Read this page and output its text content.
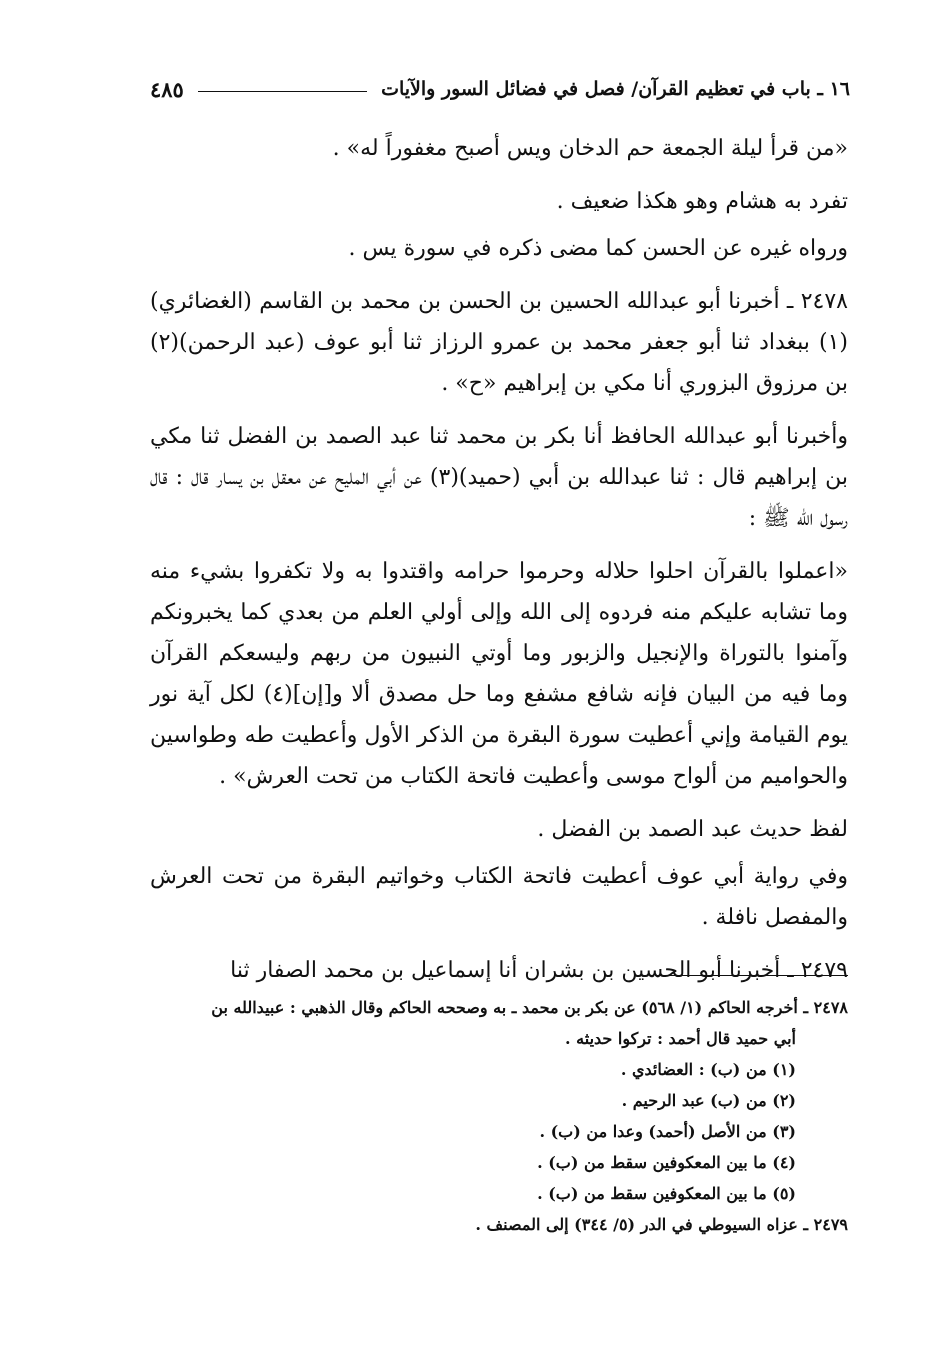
١٦ ـ باب في تعظيم القرآن/ فصل في فضائل السور والآيات
٤٨٥

«من قرأ ليلة الجمعة حم الدخان ويس أصبح مغفوراً له» .

تفرد به هشام وهو هكذا ضعيف .

ورواه غيره عن الحسن كما مضى ذكره في سورة يس .

٢٤٧٨ ـ أخبرنا أبو عبدالله الحسين بن الحسن بن محمد بن القاسم (الغضائري)(١) ببغداد ثنا أبو جعفر محمد بن عمرو الرزاز ثنا أبو عوف (عبد الرحمن)(٢) بن مرزوق البزوري أنا مكي بن إبراهيم «ح» .

وأخبرنا أبو عبدالله الحافظ أنا بكر بن محمد ثنا عبد الصمد بن الفضل ثنا مكي بن إبراهيم قال : ثنا عبدالله بن أبي (حميد)(٣) عن أبي المليح عن معقل بن يسار قال : قال رسول الله ﷺ :

«اعملوا بالقرآن احلوا حلاله وحرموا حرامه واقتدوا به ولا تكفروا بشيء منه وما تشابه عليكم منه فردوه إلى الله وإلى أولي العلم من بعدي كما يخبرونكم وآمنوا بالتوراة والإنجيل والزبور وما أوتي النبيون من ربهم وليسعكم القرآن وما فيه من البيان فإنه شافع مشفع وما حل مصدق ألا و[إن](٤) لكل آية نور يوم القيامة وإني أعطيت سورة البقرة من الذكر الأول وأعطيت طه وطواسين والحواميم من ألواح موسى وأعطيت فاتحة الكتاب من تحت العرش» .

لفظ حديث عبد الصمد بن الفضل .

وفي رواية أبي عوف أعطيت فاتحة الكتاب وخواتيم البقرة من تحت العرش والمفصل نافلة .

٢٤٧٩ ـ أخبرنا أبو الحسين بن بشران أنا إسماعيل بن محمد الصفار ثنا

٢٤٧٨ ـ أخرجه الحاكم (١/ ٥٦٨) عن بكر بن محمد ـ به وصححه الحاكم وقال الذهبي : عبيدالله بن

أبي حميد قال أحمد : تركوا حديثه .

(١) من (ب) : العضائدي .

(٢) من (ب) عبد الرحيم .

(٣) من الأصل (أحمد) وعدا من (ب) .

(٤) ما بين المعكوفين سقط من (ب) .

(٥) ما بين المعكوفين سقط من (ب) .

٢٤٧٩ ـ عزاه السيوطي في الدر (٥/ ٣٤٤) إلى المصنف .
